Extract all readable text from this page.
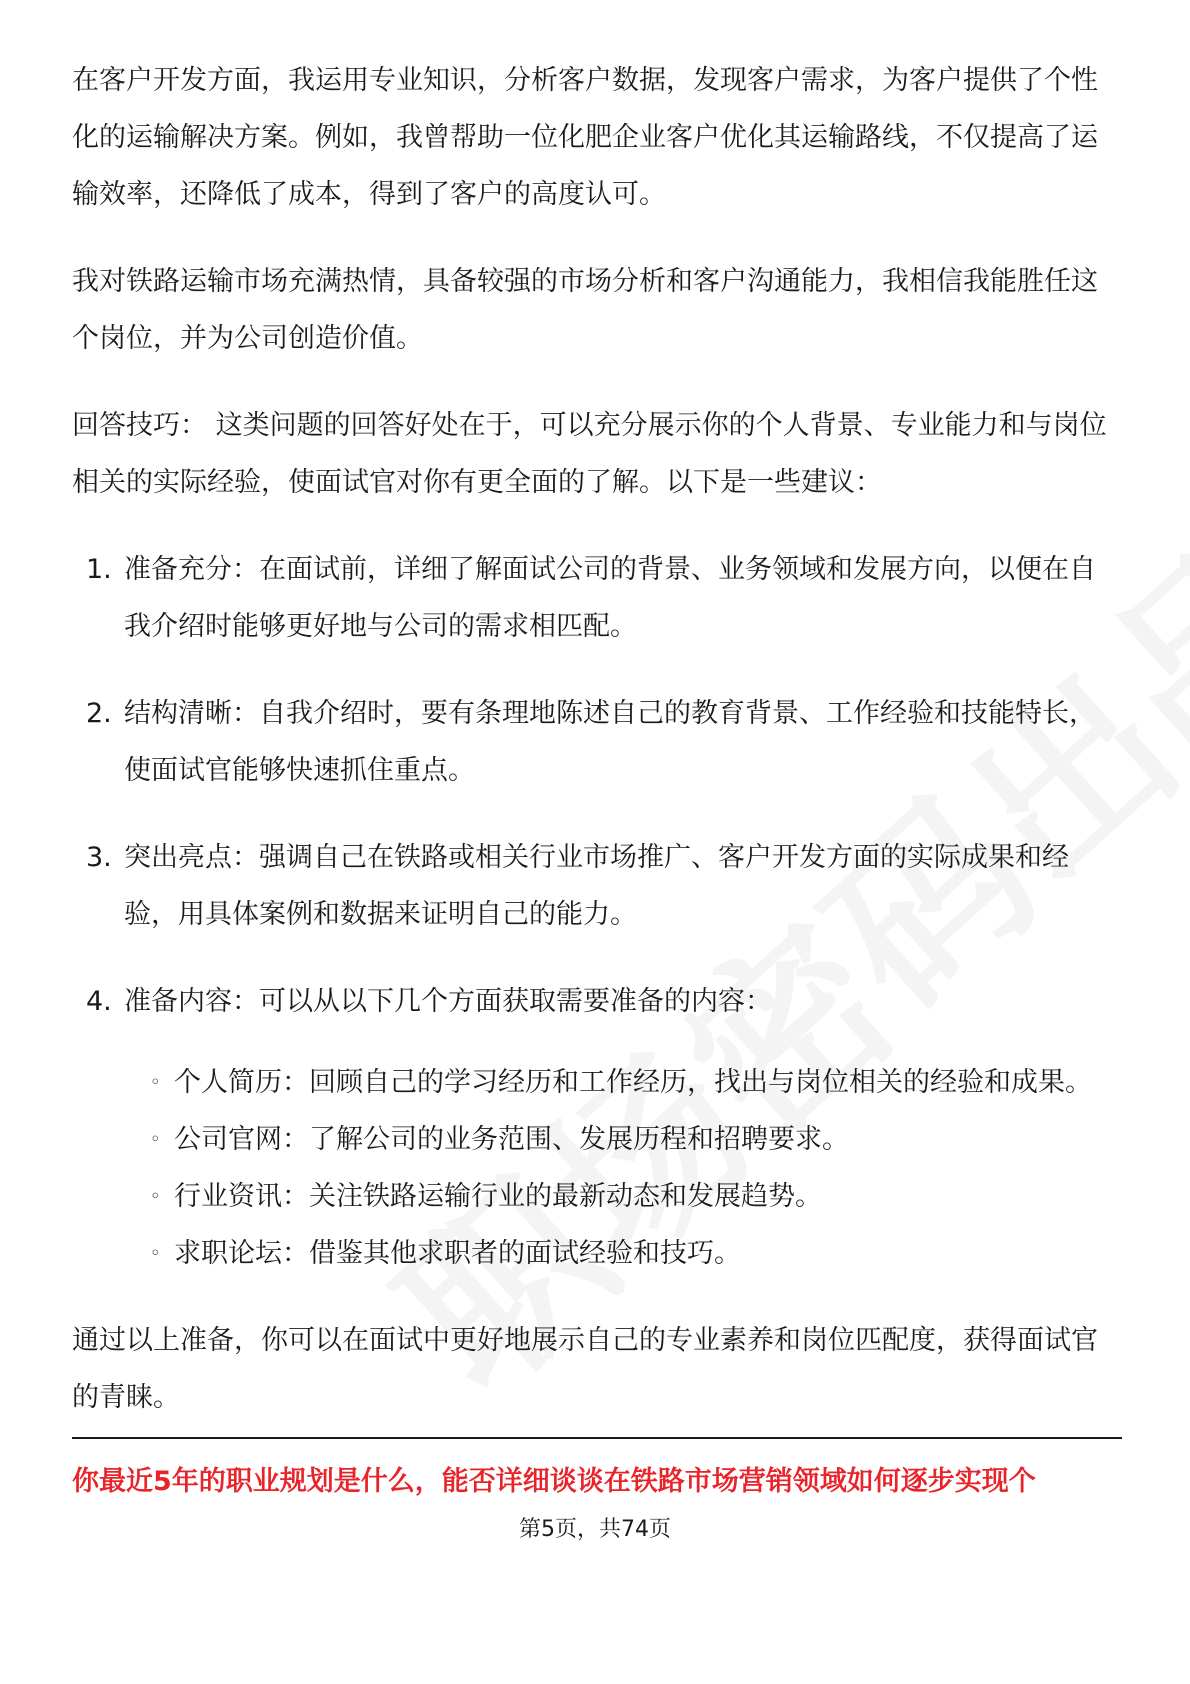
在客户开发方面，我运用专业知识，分析客户数据，发现客户需求，为客户提供了个性化的运输解决方案。例如，我曾帮助一位化肥企业客户优化其运输路线，不仅提高了运输效率，还降低了成本，得到了客户的高度认可。

我对铁路运输市场充满热情，具备较强的市场分析和客户沟通能力，我相信我能胜任这个岗位，并为公司创造价值。

回答技巧： 这类问题的回答好处在于，可以充分展示你的个人背景、专业能力和与岗位相关的实际经验，使面试官对你有更全面的了解。以下是一些建议：

1. 准备充分：在面试前，详细了解面试公司的背景、业务领域和发展方向，以便在自我介绍时能够更好地与公司的需求相匹配。
2. 结构清晰：自我介绍时，要有条理地陈述自己的教育背景、工作经验和技能特长，使面试官能够快速抓住重点。
3. 突出亮点：强调自己在铁路或相关行业市场推广、客户开发方面的实际成果和经验，用具体案例和数据来证明自己的能力。
4. 准备内容：可以从以下几个方面获取需要准备的内容：
◦ 个人简历：回顾自己的学习经历和工作经历，找出与岗位相关的经验和成果。
◦ 公司官网：了解公司的业务范围、发展历程和招聘要求。
◦ 行业资讯：关注铁路运输行业的最新动态和发展趋势。
◦ 求职论坛：借鉴其他求职者的面试经验和技巧。

通过以上准备，你可以在面试中更好地展示自己的专业素养和岗位匹配度，获得面试官的青睐。

你最近5年的职业规划是什么，能否详细谈谈在铁路市场营销领域如何逐步实现个
第5页，共74页
